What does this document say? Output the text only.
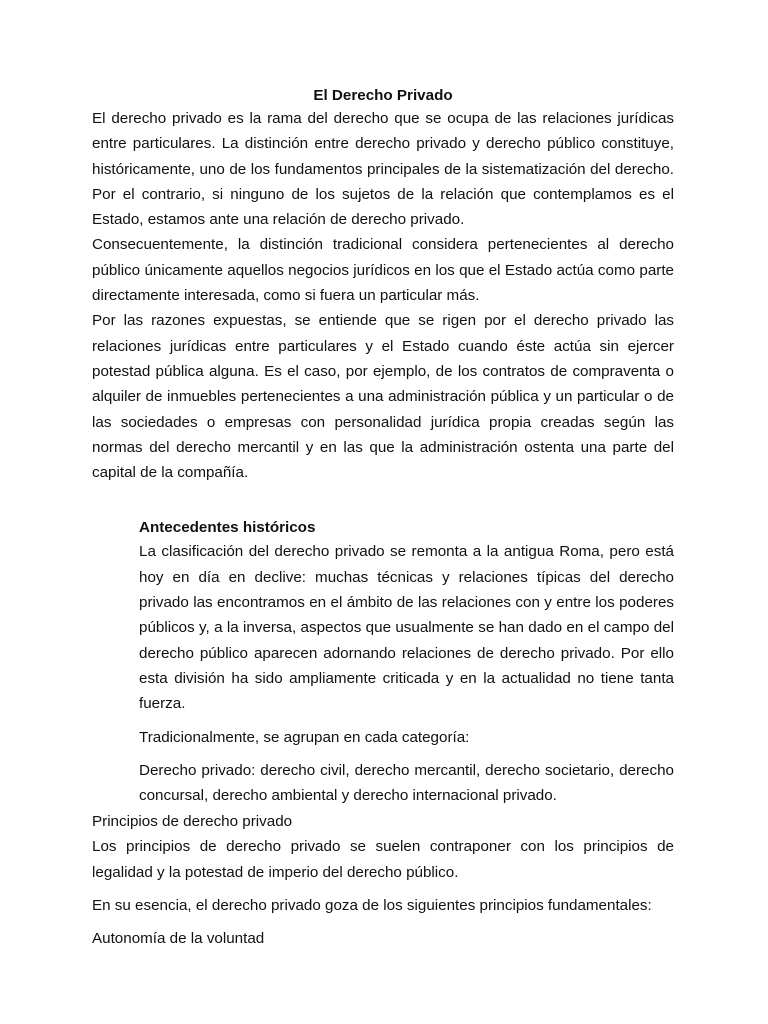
El Derecho Privado

El derecho privado es la rama del derecho que se ocupa de las relaciones jurídicas entre particulares. La distinción entre derecho privado y derecho público constituye, históricamente, uno de los fundamentos principales de la sistematización del derecho. Por el contrario, si ninguno de los sujetos de la relación que contemplamos es el Estado, estamos ante una relación de derecho privado.

Consecuentemente, la distinción tradicional considera pertenecientes al derecho público únicamente aquellos negocios jurídicos en los que el Estado actúa como parte directamente interesada, como si fuera un particular más.

Por las razones expuestas, se entiende que se rigen por el derecho privado las relaciones jurídicas entre particulares y el Estado cuando éste actúa sin ejercer potestad pública alguna. Es el caso, por ejemplo, de los contratos de compraventa o alquiler de inmuebles pertenecientes a una administración pública y un particular o de las sociedades o empresas con personalidad jurídica propia creadas según las normas del derecho mercantil y en las que la administración ostenta una parte del capital de la compañía.

Antecedentes históricos

La clasificación del derecho privado se remonta a la antigua Roma, pero está hoy en día en declive: muchas técnicas y relaciones típicas del derecho privado las encontramos en el ámbito de las relaciones con y entre los poderes públicos y, a la inversa, aspectos que usualmente se han dado en el campo del derecho público aparecen adornando relaciones de derecho privado. Por ello esta división ha sido ampliamente criticada y en la actualidad no tiene tanta fuerza.

Tradicionalmente, se agrupan en cada categoría:

Derecho privado: derecho civil, derecho mercantil, derecho societario, derecho concursal, derecho ambiental y derecho internacional privado.

Principios de derecho privado

Los principios de derecho privado se suelen contraponer con los principios de legalidad y la potestad de imperio del derecho público.

En su esencia, el derecho privado goza de los siguientes principios fundamentales:

Autonomía de la voluntad
